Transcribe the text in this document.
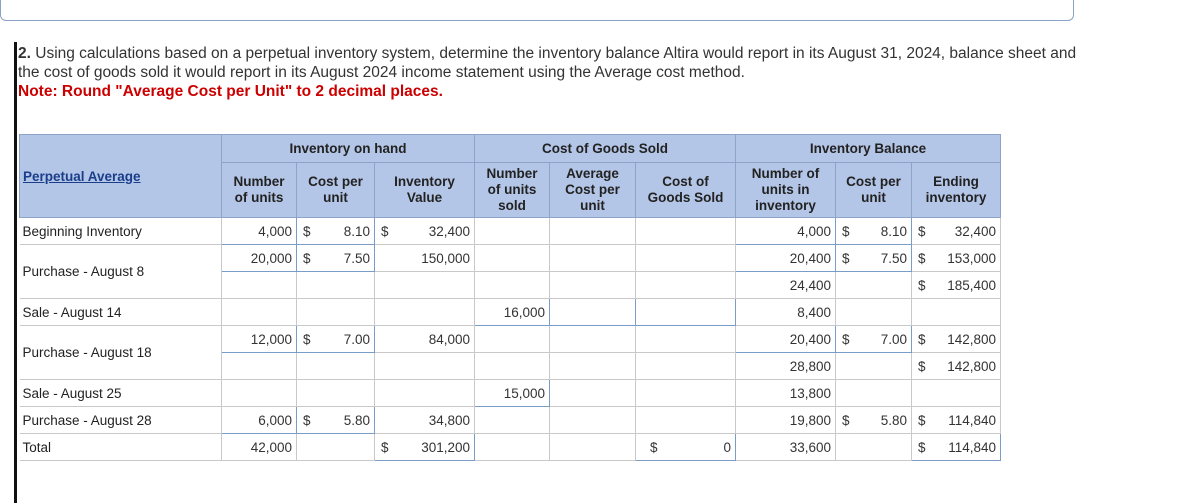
2. Using calculations based on a perpetual inventory system, determine the inventory balance Altira would report in its August 31, 2024, balance sheet and the cost of goods sold it would report in its August 2024 income statement using the Average cost method.
Note: Round "Average Cost per Unit" to 2 decimal places.
Perpetual Average	Inventory on hand			Cost of Goods Sold			Inventory Balance		
	Number of units	Cost per unit	Inventory Value	Number of units sold	Average Cost per unit	Cost of Goods Sold	Number of units in inventory	Cost per unit	Ending inventory
Beginning Inventory	4,000	$ 8.10	$ 32,400				4,000	$ 8.10	$ 32,400

Purchase - August 8	20,000	$ 7.50	150,000				20,400	$ 7.50	$ 153,000

							24,400		$ 185,400

Sale - August 14				16,000			8,400		
Purchase - August 18	12,000	$ 7.00	84,000				20,400	$ 7.00	$ 142,800

							28,800		$ 142,800

Sale - August 25				15,000			13,800		
Purchase - August 28	6,000	$ 5.80	34,800				19,800	$ 5.80	$ 114,840

Total	42,000		$ 301,200			$ 0	33,600		$ 114,840
